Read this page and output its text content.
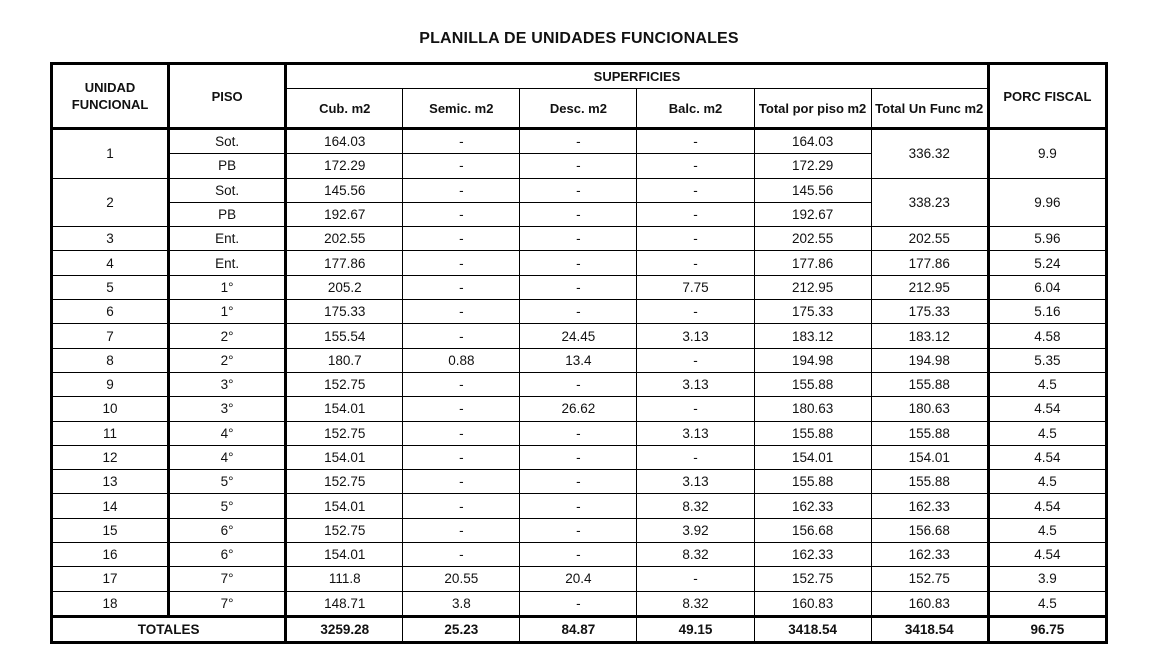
PLANILLA DE UNIDADES FUNCIONALES
UNIDAD FUNCIONAL	PISO	SUPERFICIES						PORC FISCAL
		Cub. m2	Semic. m2	Desc. m2	Balc. m2	Total por piso m2	Total Un Func m2	
1	Sot.	164.03	-	-	-	164.03	336.32	9.9
	PB	172.29	-	-	-	172.29		
2	Sot.	145.56	-	-	-	145.56	338.23	9.96
	PB	192.67	-	-	-	192.67		
3	Ent.	202.55	-	-	-	202.55	202.55	5.96
4	Ent.	177.86	-	-	-	177.86	177.86	5.24
5	1°	205.2	-	-	7.75	212.95	212.95	6.04
6	1°	175.33	-	-	-	175.33	175.33	5.16
7	2°	155.54	-	24.45	3.13	183.12	183.12	4.58
8	2°	180.7	0.88	13.4	-	194.98	194.98	5.35
9	3°	152.75	-	-	3.13	155.88	155.88	4.5
10	3°	154.01	-	26.62	-	180.63	180.63	4.54
11	4°	152.75	-	-	3.13	155.88	155.88	4.5
12	4°	154.01	-	-	-	154.01	154.01	4.54
13	5°	152.75	-	-	3.13	155.88	155.88	4.5
14	5°	154.01	-	-	8.32	162.33	162.33	4.54
15	6°	152.75	-	-	3.92	156.68	156.68	4.5
16	6°	154.01	-	-	8.32	162.33	162.33	4.54
17	7°	111.8	20.55	20.4	-	152.75	152.75	3.9
18	7°	148.71	3.8	-	8.32	160.83	160.83	4.5
TOTALES		3259.28	25.23	84.87	49.15	3418.54	3418.54	96.75
